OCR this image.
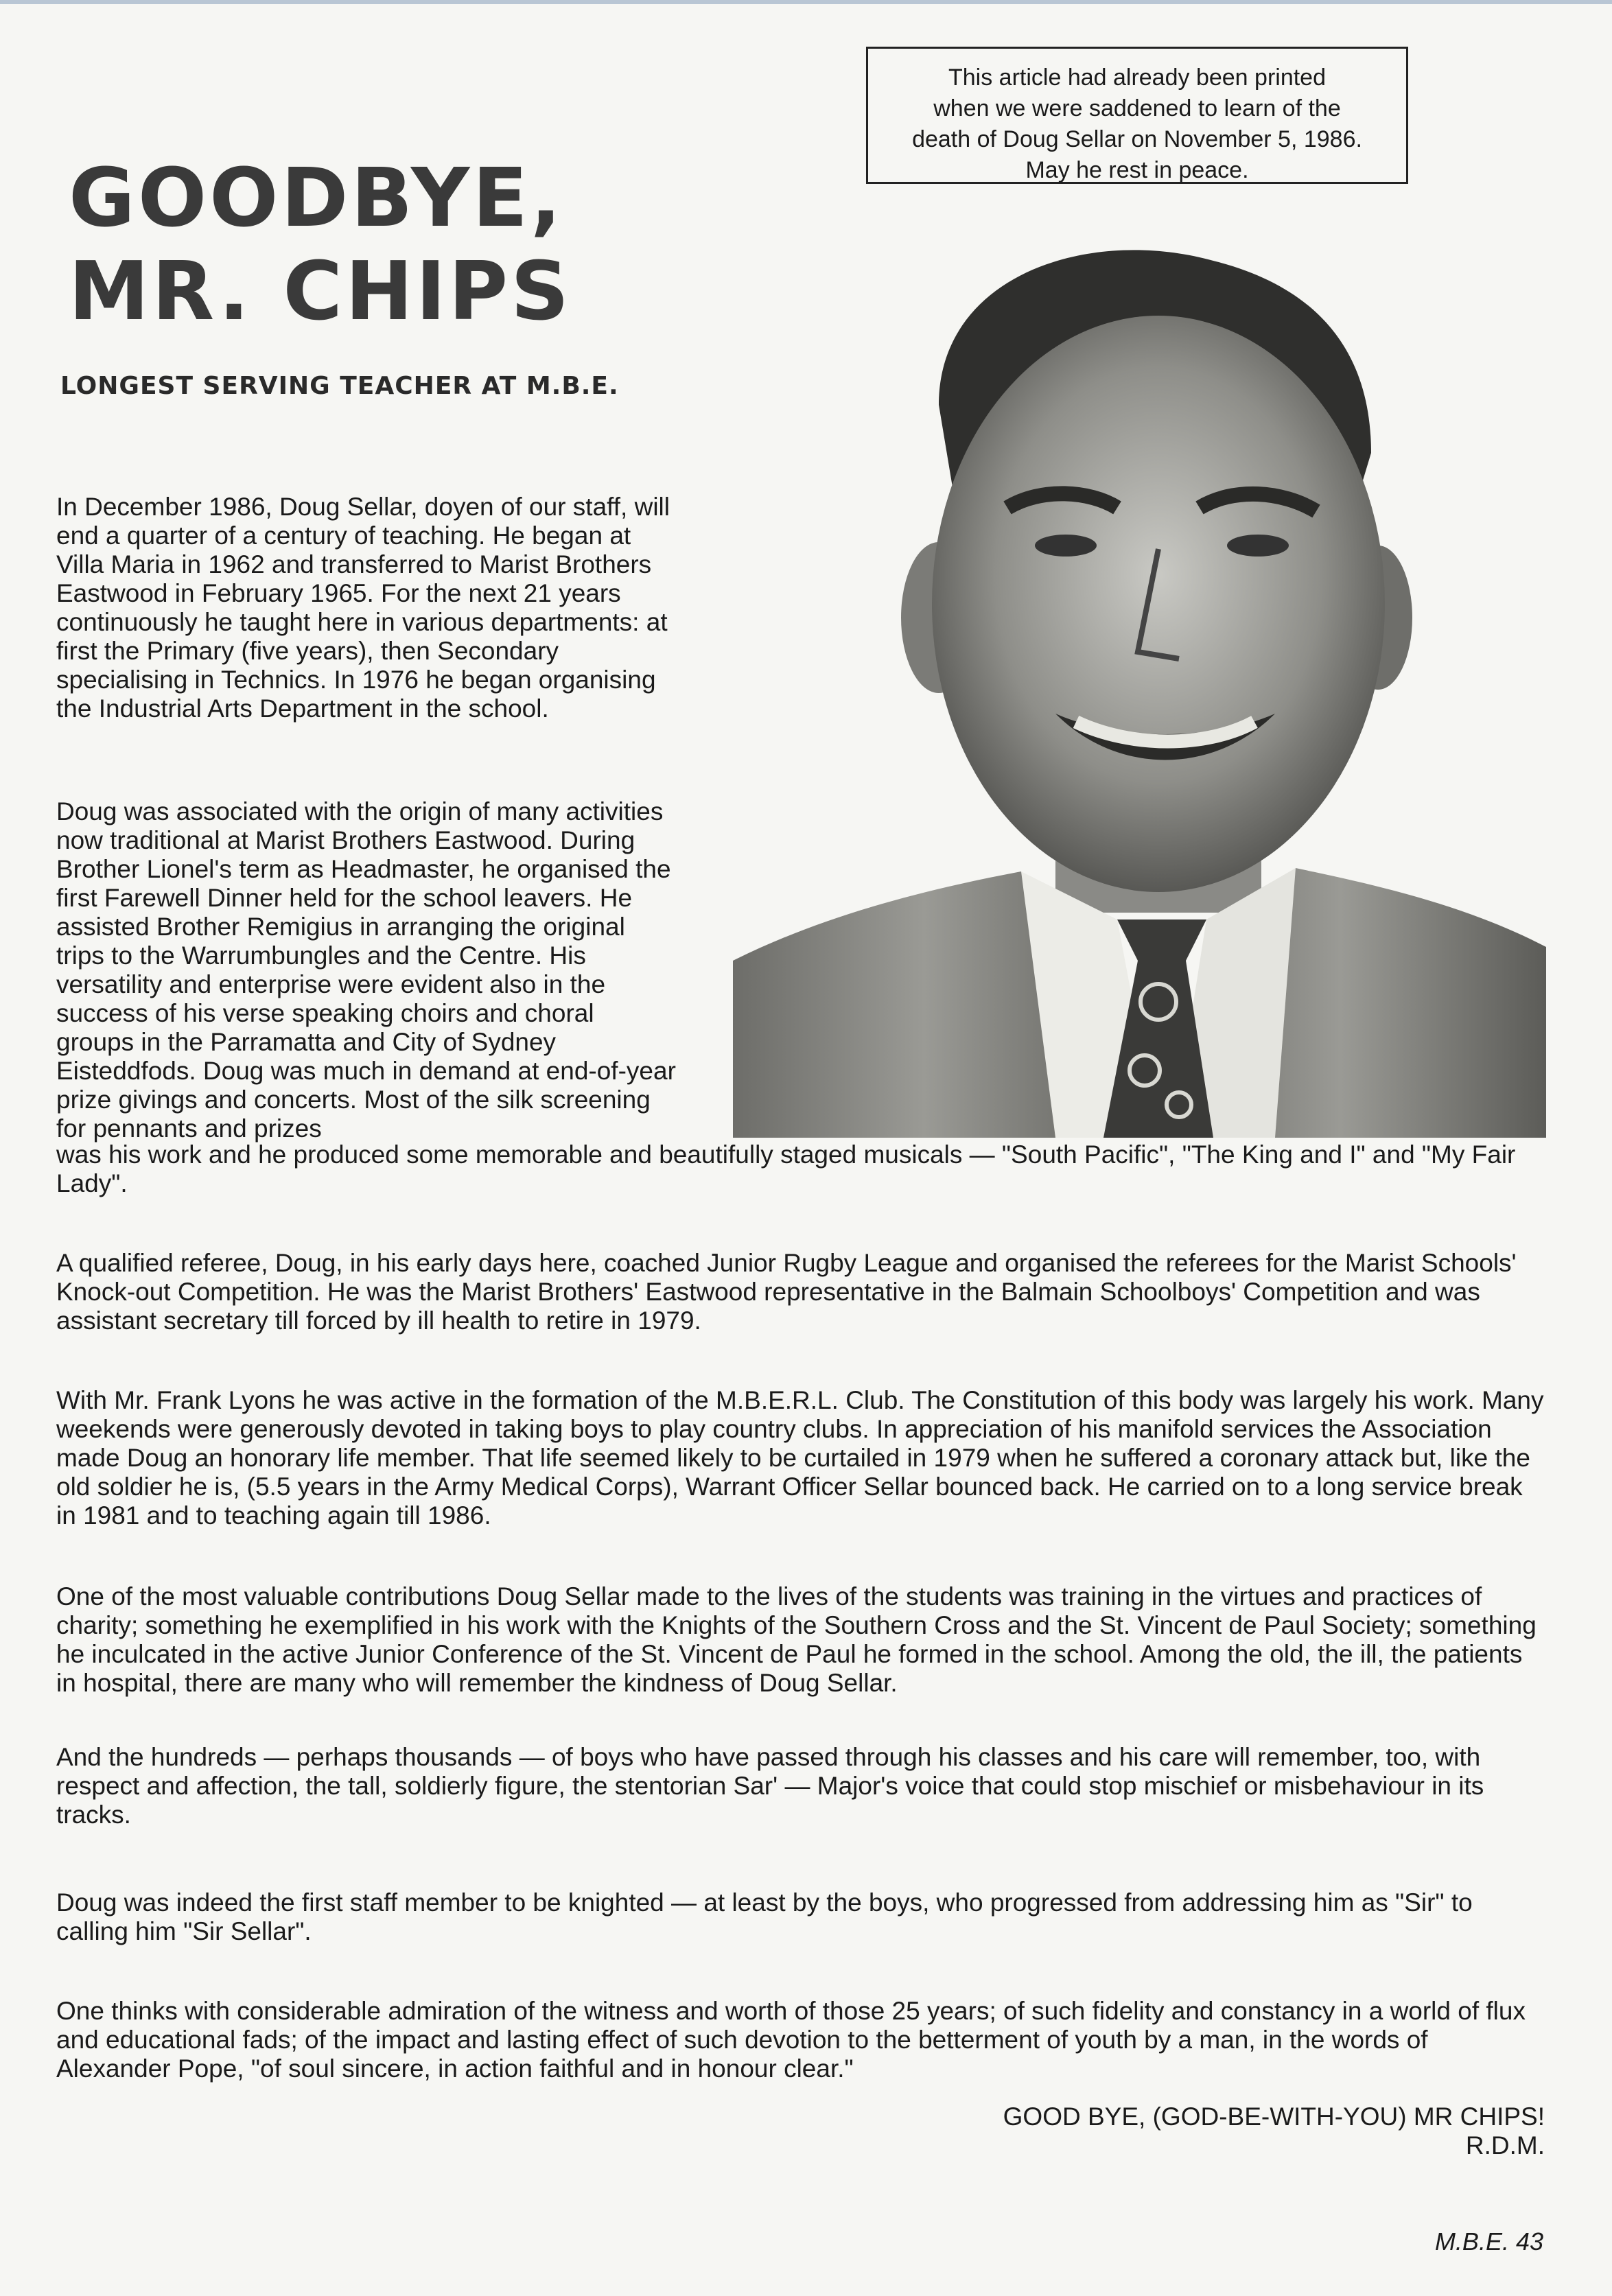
This article had already been printed

when we were saddened to learn of the

death of Doug Sellar on November 5, 1986.

May he rest in peace.

GOODBYE,
MR. CHIPS
LONGEST SERVING TEACHER AT M.B.E.

In December 1986, Doug Sellar, doyen of our staff, will end a quarter of a century of teaching. He began at Villa Maria in 1962 and transferred to Marist Brothers Eastwood in February 1965. For the next 21 years continuously he taught here in various departments: at first the Primary (five years), then Secondary specialising in Technics. In 1976 he began organising the Industrial Arts Department in the school.

Doug was associated with the origin of many activities now traditional at Marist Brothers Eastwood. During Brother Lionel's term as Headmaster, he organised the first Farewell Dinner held for the school leavers. He assisted Brother Remigius in arranging the original trips to the Warrumbungles and the Centre. His versatility and enterprise were evident also in the success of his verse speaking choirs and choral groups in the Parramatta and City of Sydney Eisteddfods. Doug was much in demand at end-of-year prize givings and concerts. Most of the silk screening for pennants and prizes

was his work and he produced some memorable and beautifully staged musicals — "South Pacific", "The King and I" and "My Fair Lady".

A qualified referee, Doug, in his early days here, coached Junior Rugby League and organised the referees for the Marist Schools' Knock-out Competition. He was the Marist Brothers' Eastwood representative in the Balmain Schoolboys' Competition and was assistant secretary till forced by ill health to retire in 1979.

With Mr. Frank Lyons he was active in the formation of the M.B.E.R.L. Club. The Constitution of this body was largely his work. Many weekends were generously devoted in taking boys to play country clubs. In appreciation of his manifold services the Association made Doug an honorary life member. That life seemed likely to be curtailed in 1979 when he suffered a coronary attack but, like the old soldier he is, (5.5 years in the Army Medical Corps), Warrant Officer Sellar bounced back. He carried on to a long service break in 1981 and to teaching again till 1986.

One of the most valuable contributions Doug Sellar made to the lives of the students was training in the virtues and practices of charity; something he exemplified in his work with the Knights of the Southern Cross and the St. Vincent de Paul Society; something he inculcated in the active Junior Conference of the St. Vincent de Paul he formed in the school. Among the old, the ill, the patients in hospital, there are many who will remember the kindness of Doug Sellar.

And the hundreds — perhaps thousands — of boys who have passed through his classes and his care will remember, too, with respect and affection, the tall, soldierly figure, the stentorian Sar' — Major's voice that could stop mischief or misbehaviour in its tracks.

Doug was indeed the first staff member to be knighted — at least by the boys, who progressed from addressing him as "Sir" to calling him "Sir Sellar".

One thinks with considerable admiration of the witness and worth of those 25 years; of such fidelity and constancy in a world of flux and educational fads; of the impact and lasting effect of such devotion to the betterment of youth by a man, in the words of Alexander Pope, "of soul sincere, in action faithful and in honour clear."

GOOD BYE, (GOD-BE-WITH-YOU) MR CHIPS!

R.D.M.

M.B.E. 43
